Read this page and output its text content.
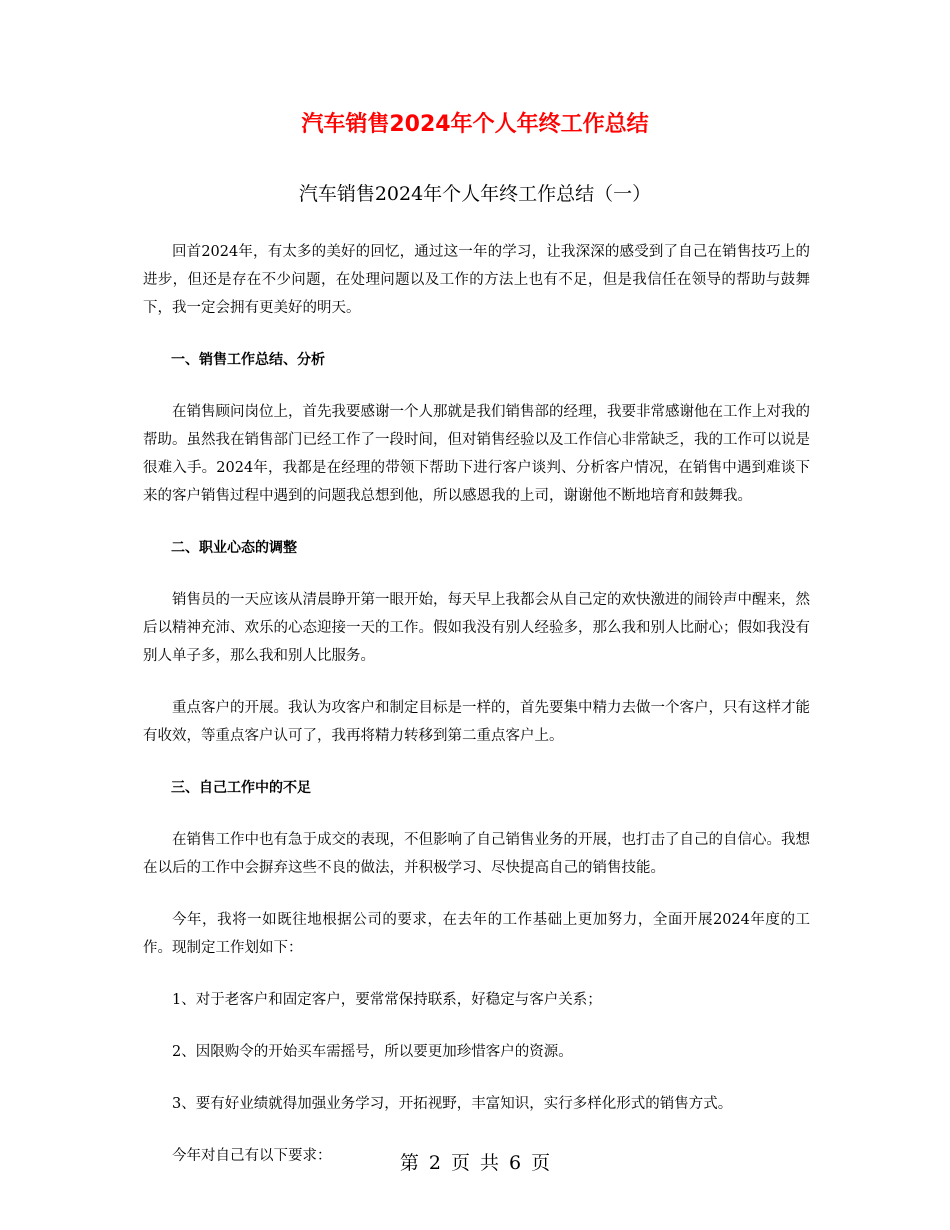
汽车销售2024年个人年终工作总结
汽车销售2024年个人年终工作总结（一）

回首2024年，有太多的美好的回忆，通过这一年的学习，让我深深的感受到了自己在销售技巧上的进步，但还是存在不少问题，在处理问题以及工作的方法上也有不足，但是我信任在领导的帮助与鼓舞下，我一定会拥有更美好的明天。

一、销售工作总结、分析

在销售顾问岗位上，首先我要感谢一个人那就是我们销售部的经理，我要非常感谢他在工作上对我的帮助。虽然我在销售部门已经工作了一段时间，但对销售经验以及工作信心非常缺乏，我的工作可以说是很难入手。2024年，我都是在经理的带领下帮助下进行客户谈判、分析客户情况，在销售中遇到难谈下来的客户销售过程中遇到的问题我总想到他，所以感恩我的上司，谢谢他不断地培育和鼓舞我。

二、职业心态的调整

销售员的一天应该从清晨睁开第一眼开始，每天早上我都会从自己定的欢快激进的闹铃声中醒来，然后以精神充沛、欢乐的心态迎接一天的工作。假如我没有别人经验多，那么我和别人比耐心；假如我没有别人单子多，那么我和别人比服务。

重点客户的开展。我认为攻客户和制定目标是一样的，首先要集中精力去做一个客户，只有这样才能有收效，等重点客户认可了，我再将精力转移到第二重点客户上。

三、自己工作中的不足

在销售工作中也有急于成交的表现，不但影响了自己销售业务的开展，也打击了自己的自信心。我想在以后的工作中会摒弃这些不良的做法，并积极学习、尽快提高自己的销售技能。

今年，我将一如既往地根据公司的要求，在去年的工作基础上更加努力，全面开展2024年度的工作。现制定工作划如下：

1、对于老客户和固定客户，要常常保持联系，好稳定与客户关系；

2、因限购令的开始买车需摇号，所以要更加珍惜客户的资源。

3、要有好业绩就得加强业务学习，开拓视野，丰富知识，实行多样化形式的销售方式。

今年对自己有以下要求：	第 2 页 共 6 页
